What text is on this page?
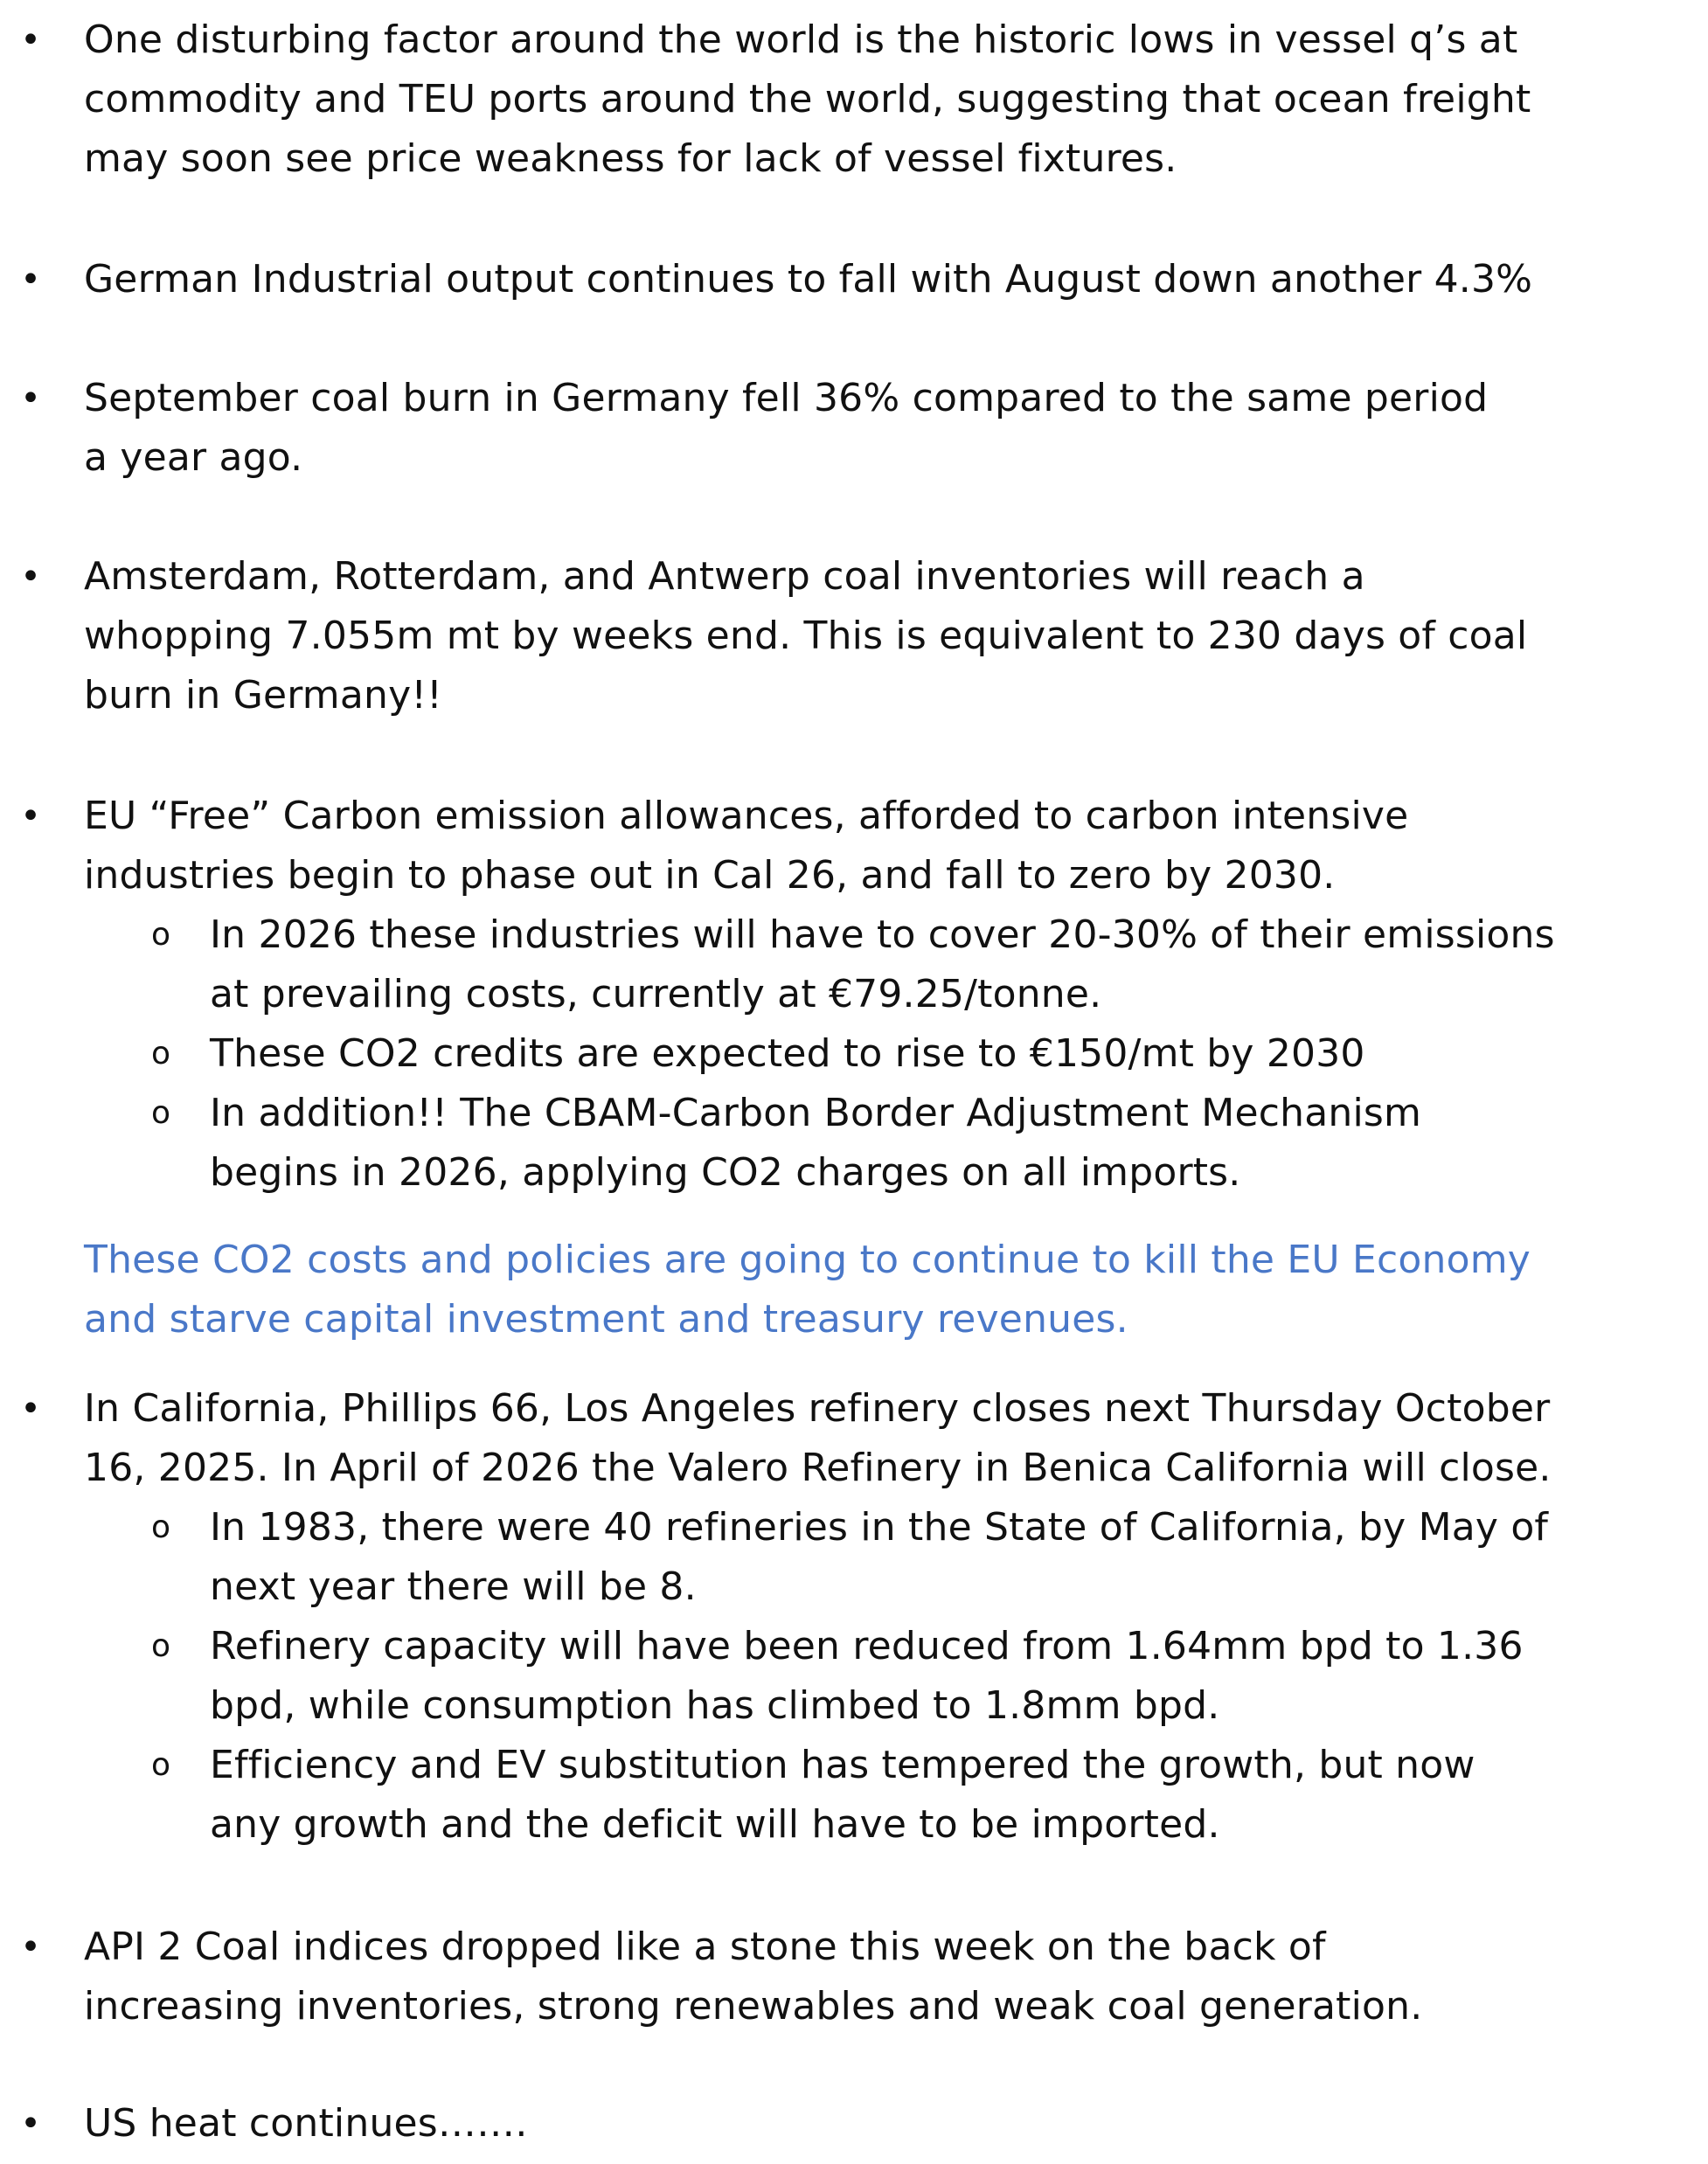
• One disturbing factor around the world is the historic lows in vessel q’s at
commodity and TEU ports around the world, suggesting that ocean freight
may soon see price weakness for lack of vessel fixtures.
• German Industrial output continues to fall with August down another 4.3%
• September coal burn in Germany fell 36% compared to the same period
a year ago.
• Amsterdam, Rotterdam, and Antwerp coal inventories will reach a
whopping 7.055m mt by weeks end. This is equivalent to 230 days of coal
burn in Germany!!
• EU “Free” Carbon emission allowances, afforded to carbon intensive
industries begin to phase out in Cal 26, and fall to zero by 2030.
o In 2026 these industries will have to cover 20-30% of their emissions
at prevailing costs, currently at €79.25/tonne.
o These CO2 credits are expected to rise to €150/mt by 2030
o In addition!! The CBAM-Carbon Border Adjustment Mechanism
begins in 2026, applying CO2 charges on all imports.
These CO2 costs and policies are going to continue to kill the EU Economy
and starve capital investment and treasury revenues.
• In California, Phillips 66, Los Angeles refinery closes next Thursday October
16, 2025. In April of 2026 the Valero Refinery in Benica California will close.
o In 1983, there were 40 refineries in the State of California, by May of
next year there will be 8.
o Refinery capacity will have been reduced from 1.64mm bpd to 1.36
bpd, while consumption has climbed to 1.8mm bpd.
o Efficiency and EV substitution has tempered the growth, but now
any growth and the deficit will have to be imported.
• API 2 Coal indices dropped like a stone this week on the back of
increasing inventories, strong renewables and weak coal generation.
• US heat continues…….
